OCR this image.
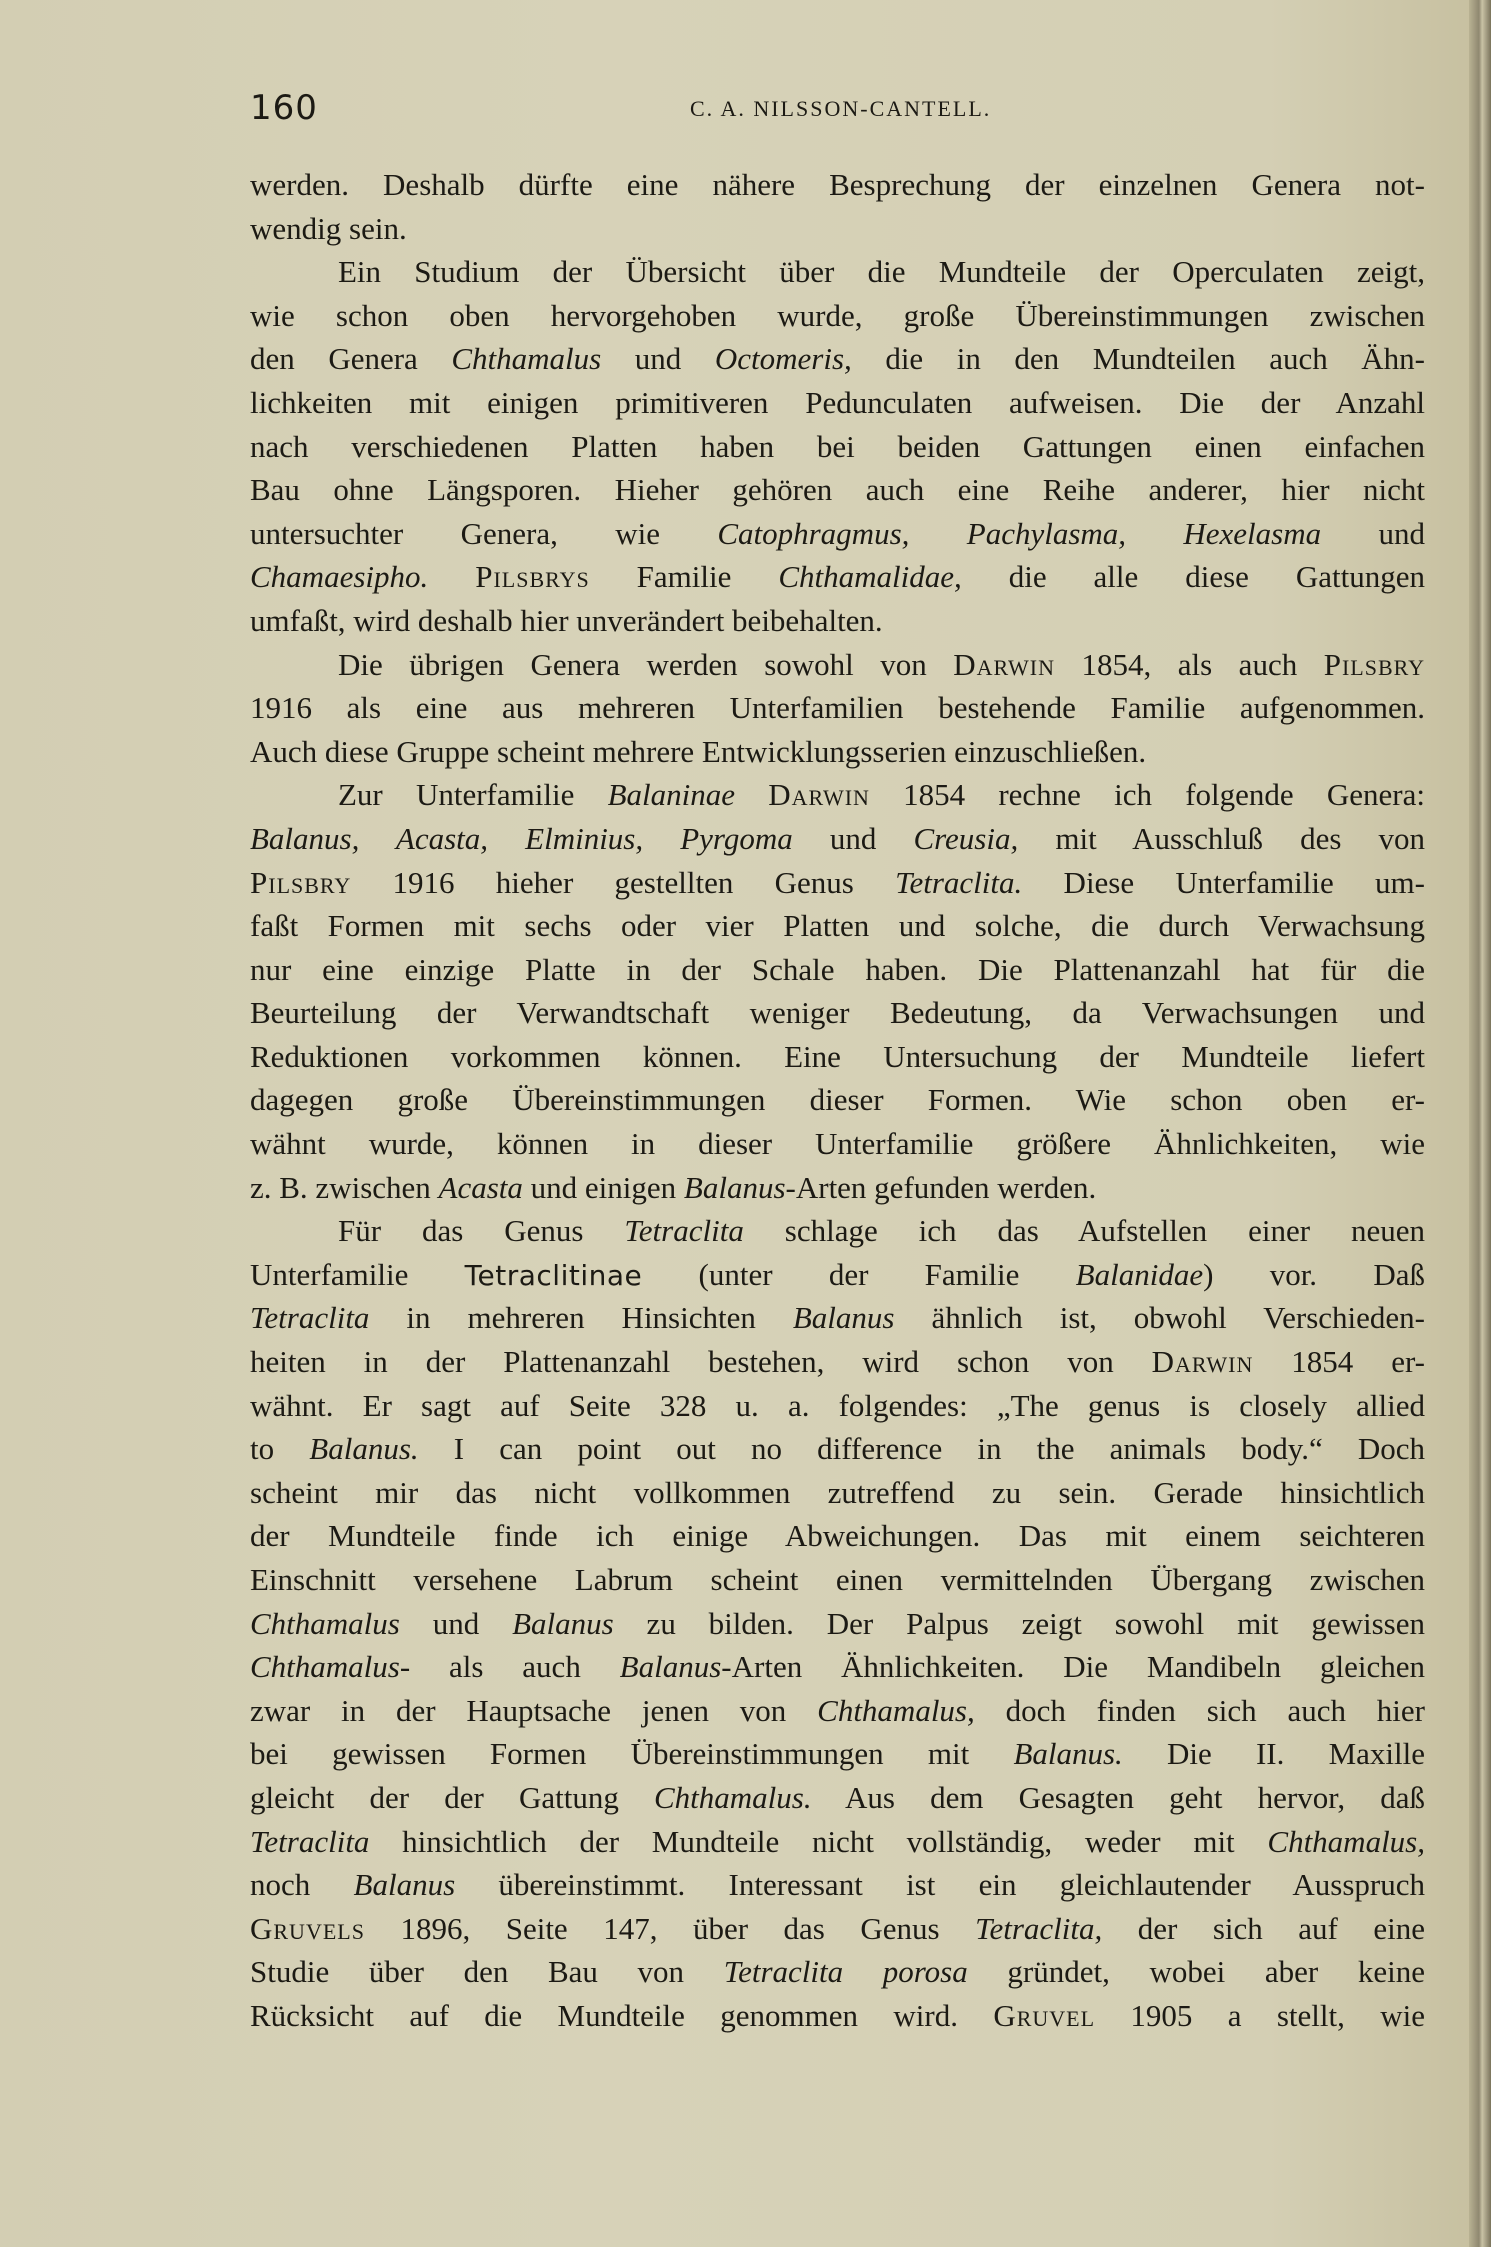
160	C. A. NILSSON-CANTELL.
werden. Deshalb dürfte eine nähere Besprechung der einzelnen Genera not-
wendig sein.
Ein Studium der Übersicht über die Mundteile der Operculaten zeigt,
wie schon oben hervorgehoben wurde, große Übereinstimmungen zwischen
den Genera Chthamalus und Octomeris, die in den Mundteilen auch Ähn-
lichkeiten mit einigen primitiveren Pedunculaten aufweisen. Die der Anzahl
nach verschiedenen Platten haben bei beiden Gattungen einen einfachen
Bau ohne Längsporen. Hieher gehören auch eine Reihe anderer, hier nicht
untersuchter Genera, wie Catophragmus, Pachylasma, Hexelasma und
Chamaesipho. Pilsbrys Familie Chthamalidae, die alle diese Gattungen
umfaßt, wird deshalb hier unverändert beibehalten.
Die übrigen Genera werden sowohl von Darwin 1854, als auch Pilsbry
1916 als eine aus mehreren Unterfamilien bestehende Familie aufgenommen.
Auch diese Gruppe scheint mehrere Entwicklungsserien einzuschließen.
Zur Unterfamilie Balaninae Darwin 1854 rechne ich folgende Genera:
Balanus, Acasta, Elminius, Pyrgoma und Creusia, mit Ausschluß des von
Pilsbry 1916 hieher gestellten Genus Tetraclita. Diese Unterfamilie um-
faßt Formen mit sechs oder vier Platten und solche, die durch Verwachsung
nur eine einzige Platte in der Schale haben. Die Plattenanzahl hat für die
Beurteilung der Verwandtschaft weniger Bedeutung, da Verwachsungen und
Reduktionen vorkommen können. Eine Untersuchung der Mundteile liefert
dagegen große Übereinstimmungen dieser Formen. Wie schon oben er-
wähnt wurde, können in dieser Unterfamilie größere Ähnlichkeiten, wie
z. B. zwischen Acasta und einigen Balanus-Arten gefunden werden.
Für das Genus Tetraclita schlage ich das Aufstellen einer neuen
Unterfamilie Tetraclitinae (unter der Familie Balanidae) vor. Daß
Tetraclita in mehreren Hinsichten Balanus ähnlich ist, obwohl Verschieden-
heiten in der Plattenanzahl bestehen, wird schon von Darwin 1854 er-
wähnt. Er sagt auf Seite 328 u. a. folgendes: „The genus is closely allied
to Balanus. I can point out no difference in the animals body.“ Doch
scheint mir das nicht vollkommen zutreffend zu sein. Gerade hinsichtlich
der Mundteile finde ich einige Abweichungen. Das mit einem seichteren
Einschnitt versehene Labrum scheint einen vermittelnden Übergang zwischen
Chthamalus und Balanus zu bilden. Der Palpus zeigt sowohl mit gewissen
Chthamalus- als auch Balanus-Arten Ähnlichkeiten. Die Mandibeln gleichen
zwar in der Hauptsache jenen von Chthamalus, doch finden sich auch hier
bei gewissen Formen Übereinstimmungen mit Balanus. Die II. Maxille
gleicht der der Gattung Chthamalus. Aus dem Gesagten geht hervor, daß
Tetraclita hinsichtlich der Mundteile nicht vollständig, weder mit Chthamalus,
noch Balanus übereinstimmt. Interessant ist ein gleichlautender Ausspruch
Gruvels 1896, Seite 147, über das Genus Tetraclita, der sich auf eine
Studie über den Bau von Tetraclita porosa gründet, wobei aber keine
Rücksicht auf die Mundteile genommen wird. Gruvel 1905 a stellt, wie
